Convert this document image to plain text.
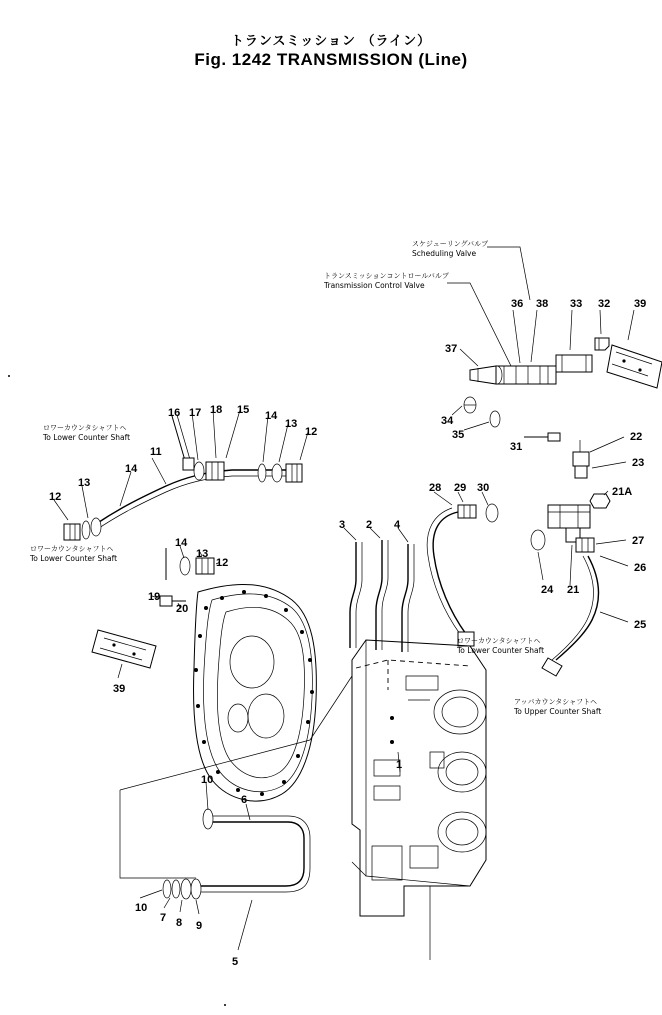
トランスミッション （ライン）
Fig. 1242 TRANSMISSION (Line)
スケジューリングバルブ
Scheduling Valve
トランスミッションコントロールバルブ
Transmission Control Valve
ロワーカウンタシャフトヘ
To Lower Counter Shaft
ロワーカウンタシャフトヘ
To Lower Counter Shaft
ロワーカウンタシャフトヘ
To Lower Counter Shaft
アッパカウンタシャフトヘ
To Upper Counter Shaft
36 38 33 32 39
37
34
35
31
22
23
21A
27
26
25
28 29 30
24 21
16 17 18 15 14
13
12
11
14
13
12
14
13
12
19
20
39
3 2 4
10
6
10
7 8 9
5
1
